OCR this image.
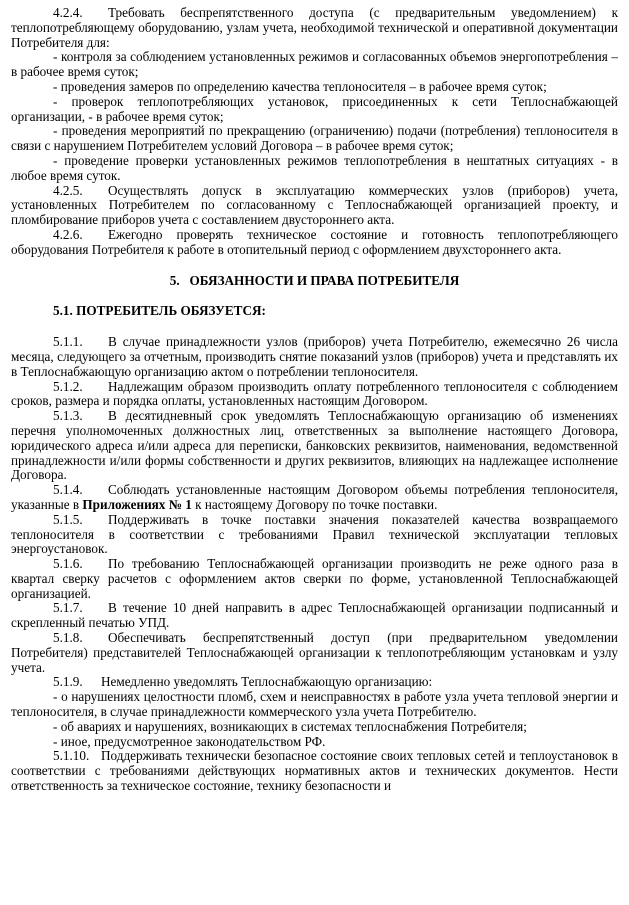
4.2.4. Требовать беспрепятственного доступа (с предварительным уведомлением) к теплопотребляющему оборудованию, узлам учета, необходимой технической и оперативной документации Потребителя для:

- контроля за соблюдением установленных режимов и согласованных объемов энергопотребления – в рабочее время суток;

- проведения замеров по определению качества теплоносителя – в рабочее время суток;

- проверок теплопотребляющих установок, присоединенных к сети Теплоснабжающей организации, - в рабочее время суток;

- проведения мероприятий по прекращению (ограничению) подачи (потребления) теплоносителя в связи с нарушением Потребителем условий Договора – в рабочее время суток;

- проведение проверки установленных режимов теплопотребления в нештатных ситуациях - в любое время суток.

4.2.5. Осуществлять допуск в эксплуатацию коммерческих узлов (приборов) учета, установленных Потребителем по согласованному с Теплоснабжающей организацией проекту, и пломбирование приборов учета с составлением двустороннего акта.

4.2.6. Ежегодно проверять техническое состояние и готовность теплопотребляющего оборудования Потребителя к работе в отопительный период с оформлением двухстороннего акта.

5.   ОБЯЗАННОСТИ И ПРАВА ПОТРЕБИТЕЛЯ

5.1. ПОТРЕБИТЕЛЬ ОБЯЗУЕТСЯ:

5.1.1. В случае принадлежности узлов (приборов) учета Потребителю, ежемесячно 26 числа месяца, следующего за отчетным, производить снятие показаний узлов (приборов) учета и представлять их в Теплоснабжающую организацию актом о потреблении теплоносителя.

5.1.2. Надлежащим образом производить оплату потребленного теплоносителя с соблюдением сроков, размера и порядка оплаты, установленных настоящим Договором.

5.1.3. В десятидневный срок уведомлять Теплоснабжающую организацию об изменениях перечня уполномоченных должностных лиц, ответственных за выполнение настоящего Договора, юридического адреса и/или адреса для переписки, банковских реквизитов, наименования, ведомственной принадлежности и/или формы собственности и других реквизитов, влияющих на надлежащее исполнение Договора.

5.1.4. Соблюдать установленные настоящим Договором объемы потребления теплоносителя, указанные в Приложениях № 1 к настоящему Договору по точке поставки.

5.1.5. Поддерживать в точке поставки значения показателей качества возвращаемого теплоносителя в соответствии с требованиями Правил технической эксплуатации тепловых энергоустановок.

5.1.6. По требованию Теплоснабжающей организации производить не реже одного раза в квартал сверку расчетов с оформлением актов сверки по форме, установленной Теплоснабжающей организацией.

5.1.7. В течение 10 дней направить в адрес Теплоснабжающей организации подписанный и скрепленный печатью УПД.

5.1.8. Обеспечивать беспрепятственный доступ (при предварительном уведомлении Потребителя) представителей Теплоснабжающей организации к теплопотребляющим установкам и узлу учета.

5.1.9. Немедленно уведомлять Теплоснабжающую организацию:

- о нарушениях целостности пломб, схем и неисправностях в работе узла учета тепловой энергии и теплоносителя, в случае принадлежности коммерческого узла учета Потребителю.

- об авариях и нарушениях, возникающих в системах теплоснабжения Потребителя;

- иное, предусмотренное законодательством РФ.

5.1.10. Поддерживать технически безопасное состояние своих тепловых сетей и теплоустановок в соответствии с требованиями действующих нормативных актов и технических документов. Нести ответственность за техническое состояние, технику безопасности и
